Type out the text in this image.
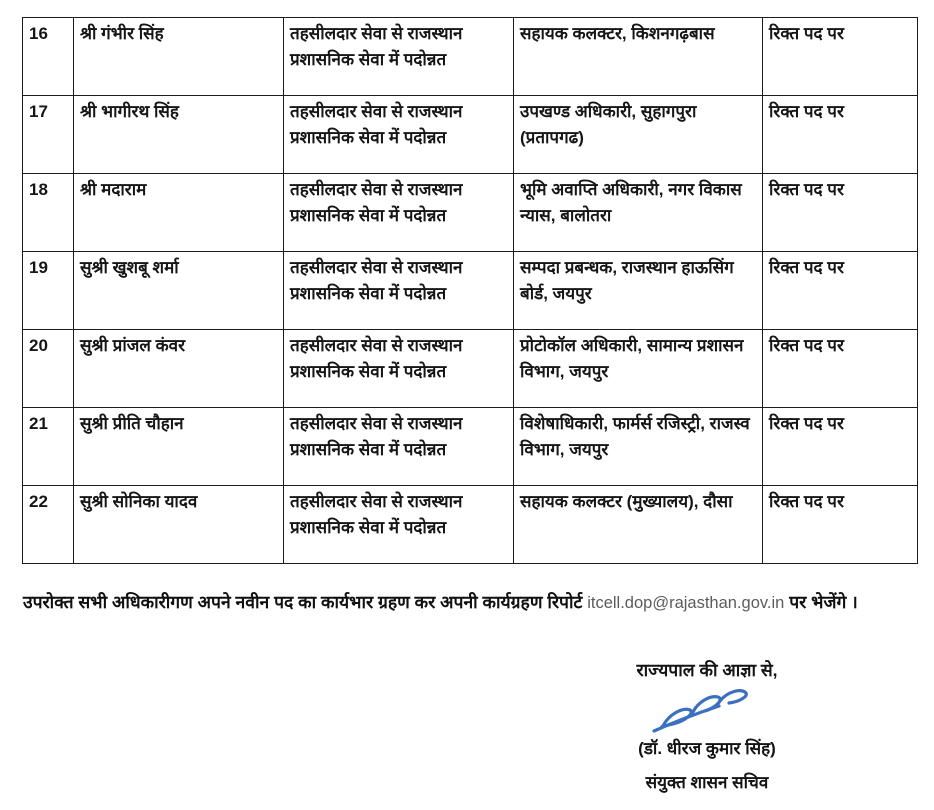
16	श्री गंभीर सिंह	तहसीलदार सेवा से राजस्थान प्रशासनिक सेवा में पदोन्नत	सहायक कलक्टर, किशनगढ़बास	रिक्त पद पर
17	श्री भागीरथ सिंह	तहसीलदार सेवा से राजस्थान प्रशासनिक सेवा में पदोन्नत	उपखण्ड अधिकारी, सुहागपुरा (प्रतापगढ)	रिक्त पद पर
18	श्री मदाराम	तहसीलदार सेवा से राजस्थान प्रशासनिक सेवा में पदोन्नत	भूमि अवाप्ति अधिकारी, नगर विकास न्यास, बालोतरा	रिक्त पद पर
19	सुश्री खुशबू शर्मा	तहसीलदार सेवा से राजस्थान प्रशासनिक सेवा में पदोन्नत	सम्पदा प्रबन्धक, राजस्थान हाऊसिंग बोर्ड, जयपुर	रिक्त पद पर
20	सुश्री प्रांजल कंवर	तहसीलदार सेवा से राजस्थान प्रशासनिक सेवा में पदोन्नत	प्रोटोकॉल अधिकारी, सामान्य प्रशासन विभाग, जयपुर	रिक्त पद पर
21	सुश्री प्रीति चौहान	तहसीलदार सेवा से राजस्थान प्रशासनिक सेवा में पदोन्नत	विशेषाधिकारी, फार्मर्स रजिस्ट्री, राजस्व विभाग, जयपुर	रिक्त पद पर
22	सुश्री सोनिका यादव	तहसीलदार सेवा से राजस्थान प्रशासनिक सेवा में पदोन्नत	सहायक कलक्टर (मुख्यालय), दौसा	रिक्त पद पर
उपरोक्त सभी अधिकारीगण अपने नवीन पद का कार्यभार ग्रहण कर अपनी कार्यग्रहण रिपोर्ट itcell.dop@rajasthan.gov.in पर भेजेंगे ।
राज्यपाल की आज्ञा से,
(डॉ. धीरज कुमार सिंह)
संयुक्त शासन सचिव
